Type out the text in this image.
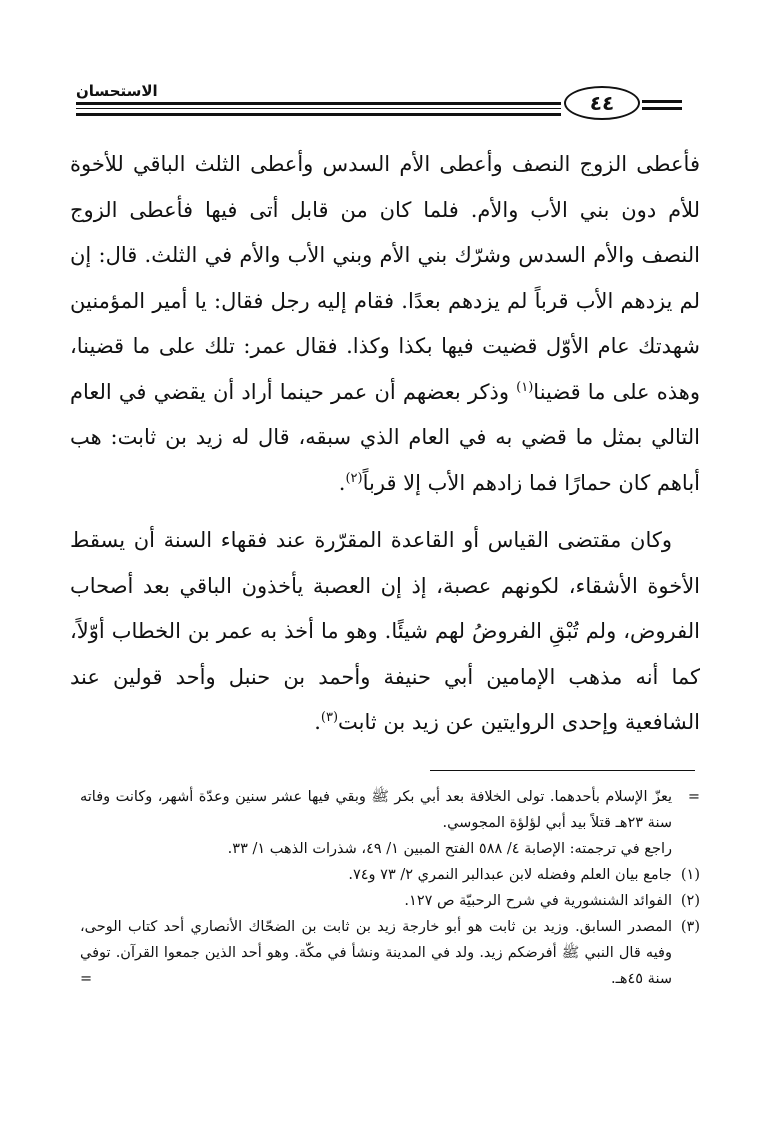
الاستحسان	٤٤

فأعطى الزوج النصف وأعطى الأم السدس وأعطى الثلث الباقي للأخوة للأم دون بني الأب والأم. فلما كان من قابل أتى فيها فأعطى الزوج النصف والأم السدس وشرّك بني الأم وبني الأب والأم في الثلث. قال: إن لم يزدهم الأب قرباً لم يزدهم بعدًا. فقام إليه رجل فقال: يا أمير المؤمنين شهدتك عام الأوّل قضيت فيها بكذا وكذا. فقال عمر: تلك على ما قضينا، وهذه على ما قضينا$^{(١)}$ وذكر بعضهم أن عمر حينما أراد أن يقضي في العام التالي بمثل ما قضي به في العام الذي سبقه، قال له زيد بن ثابت: هب أباهم كان حمارًا فما زادهم الأب إلا قرباً$^{(٢)}$.

وكان مقتضى القياس أو القاعدة المقرّرة عند فقهاء السنة أن يسقط الأخوة الأشقاء، لكونهم عصبة، إذ إن العصبة يأخذون الباقي بعد أصحاب الفروض، ولم تُبْقِ الفروضُ لهم شيئًا. وهو ما أخذ به عمر بن الخطاب أوّلاً، كما أنه مذهب الإمامين أبي حنيفة وأحمد بن حنبل وأحد قولين عند الشافعية وإحدى الروايتين عن زيد بن ثابت$^{(٣)}$.

=
يعزّ الإسلام بأحدهما. تولى الخلافة بعد أبي بكر ﷺ وبقي فيها عشر سنين وعدّة أشهر، وكانت وفاته سنة ٢٣هـ قتلاً بيد أبي لؤلؤة المجوسي.
راجع في ترجمته: الإصابة ٤/ ٥٨٨ الفتح المبين ١/ ٤٩، شذرات الذهب ١/ ٣٣.
(١)
جامع بيان العلم وفضله لابن عبدالبر النمري ٢/ ٧٣ و٧٤.
(٢)
الفوائد الشنشورية في شرح الرحبيّة ص ١٢٧.
(٣)
المصدر السابق. وزيد بن ثابت هو أبو خارجة زيد بن ثابت بن الضحّاك الأنصاري أحد كتاب الوحى، وفيه قال النبي ﷺ أفرضكم زيد. ولد في المدينة ونشأ في مكّة. وهو أحد الذين جمعوا القرآن. توفي سنة ٤٥هـ.
=
